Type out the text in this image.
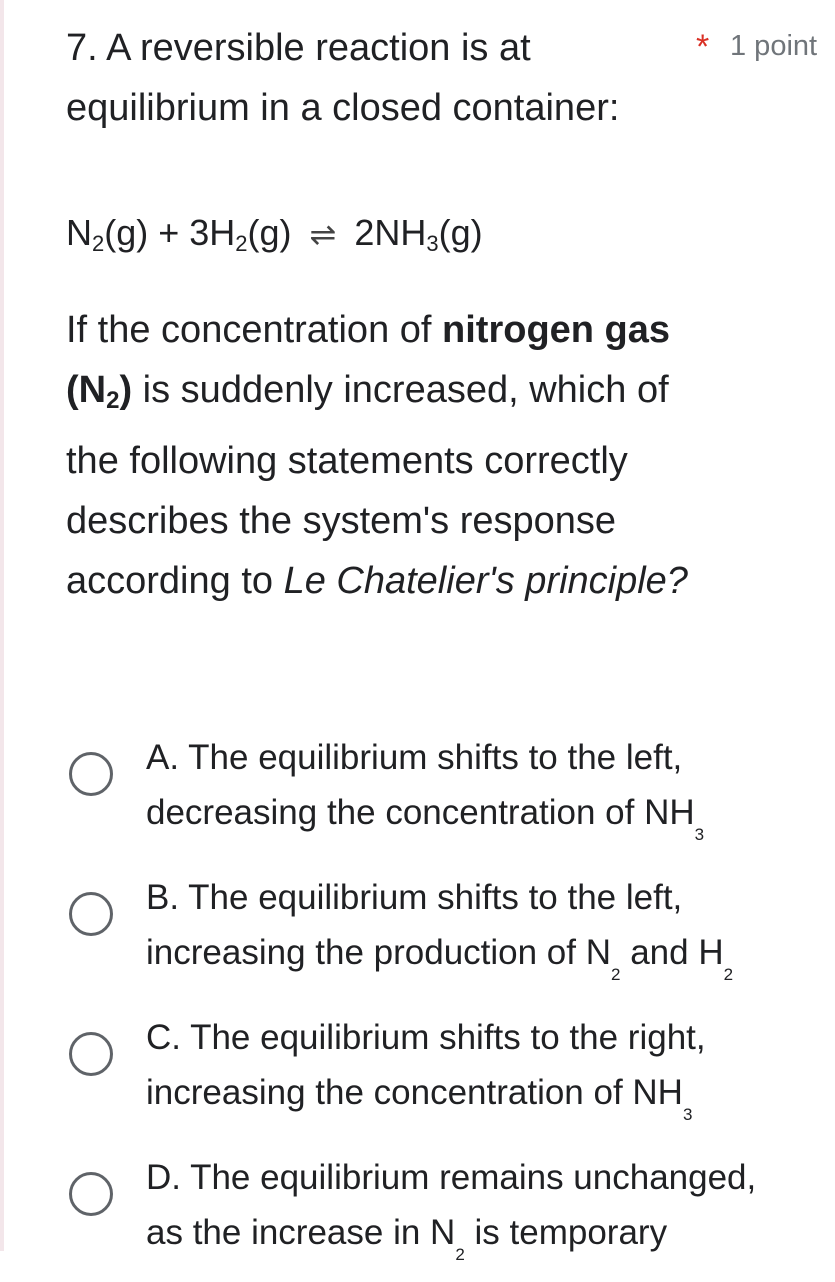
7. A reversible reaction is at
equilibrium in a closed container:
* 1 point
$N_2(g) + 3H_2(g)$ ⇌ $2NH_3(g)$
If the concentration of nitrogen gas $(N_2)$ is suddenly increased, which of the following statements correctly describes the system's response according to Le Chatelier's principle?
A. The equilibrium shifts to the left,
decreasing the concentration of $NH_3$
B. The equilibrium shifts to the left,
increasing the production of $N_2$ and $H_2$
C. The equilibrium shifts to the right,
increasing the concentration of $NH_3$
D. The equilibrium remains unchanged,
as the increase in $N_2$ is temporary
